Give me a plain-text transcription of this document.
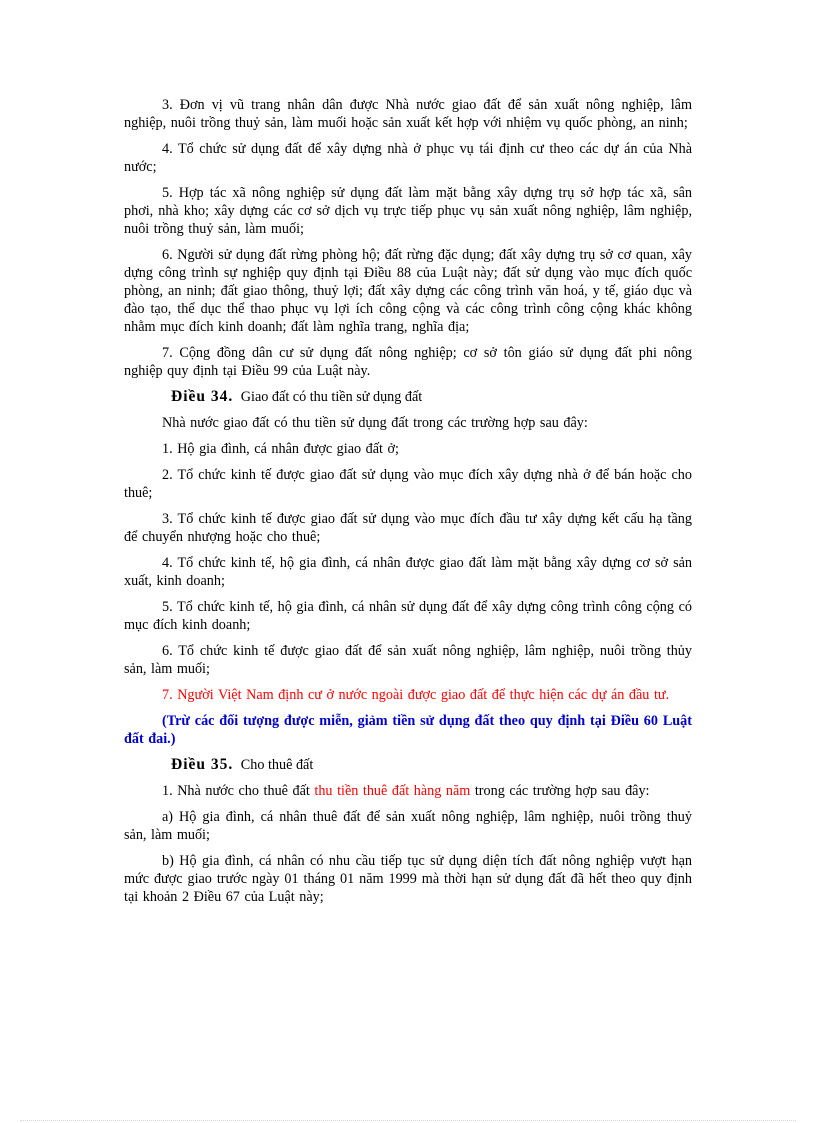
3. Đơn vị vũ trang nhân dân được Nhà nước giao đất để sản xuất nông nghiệp, lâm nghiệp, nuôi trồng thuỷ sản, làm muối hoặc sản xuất kết hợp với nhiệm vụ quốc phòng, an ninh;

4. Tổ chức sử dụng đất để xây dựng nhà ở phục vụ tái định cư theo các dự án của Nhà nước;

5. Hợp tác xã nông nghiệp sử dụng đất làm mặt bằng xây dựng trụ sở hợp tác xã, sân phơi, nhà kho; xây dựng các cơ sở dịch vụ trực tiếp phục vụ sản xuất nông nghiệp, lâm nghiệp, nuôi trồng thuỷ sản, làm muối;

6. Người sử dụng đất rừng phòng hộ; đất rừng đặc dụng; đất xây dựng trụ sở cơ quan, xây dựng công trình sự nghiệp quy định tại Điều 88 của Luật này; đất sử dụng vào mục đích quốc phòng, an ninh; đất giao thông, thuỷ lợi; đất xây dựng các công trình văn hoá, y tế, giáo dục và đào tạo, thể dục thể thao phục vụ lợi ích công cộng và các công trình công cộng khác không nhằm mục đích kinh doanh; đất làm nghĩa trang, nghĩa địa;

7. Cộng đồng dân cư sử dụng đất nông nghiệp; cơ sở tôn giáo sử dụng đất phi nông nghiệp quy định tại Điều 99 của Luật này.

Điều 34. Giao đất có thu tiền sử dụng đất

Nhà nước giao đất có thu tiền sử dụng đất trong các trường hợp sau đây:

1. Hộ gia đình, cá nhân được giao đất ở;

2. Tổ chức kinh tế được giao đất sử dụng vào mục đích xây dựng nhà ở để bán hoặc cho thuê;

3. Tổ chức kinh tế được giao đất sử dụng vào mục đích đầu tư xây dựng kết cấu hạ tầng để chuyển nhượng hoặc cho thuê;

4. Tổ chức kinh tế, hộ gia đình, cá nhân được giao đất làm mặt bằng xây dựng cơ sở sản xuất, kinh doanh;

5. Tổ chức kinh tế, hộ gia đình, cá nhân sử dụng đất để xây dựng công trình công cộng có mục đích kinh doanh;

6. Tổ chức kinh tế được giao đất để sản xuất nông nghiệp, lâm nghiệp, nuôi trồng thủy sản, làm muối;

7. Người Việt Nam định cư ở nước ngoài được giao đất để thực hiện các dự án đầu tư.

(Trừ các đối tượng được miễn, giảm tiền sử dụng đất theo quy định tại Điều 60 Luật đất đai.)

Điều 35. Cho thuê đất

1. Nhà nước cho thuê đất thu tiền thuê đất hàng năm trong các trường hợp sau đây:

a) Hộ gia đình, cá nhân thuê đất để sản xuất nông nghiệp, lâm nghiệp, nuôi trồng thuỷ sản, làm muối;

b) Hộ gia đình, cá nhân có nhu cầu tiếp tục sử dụng diện tích đất nông nghiệp vượt hạn mức được giao trước ngày 01 tháng 01 năm 1999 mà thời hạn sử dụng đất đã hết theo quy định tại khoản 2 Điều 67 của Luật này;
